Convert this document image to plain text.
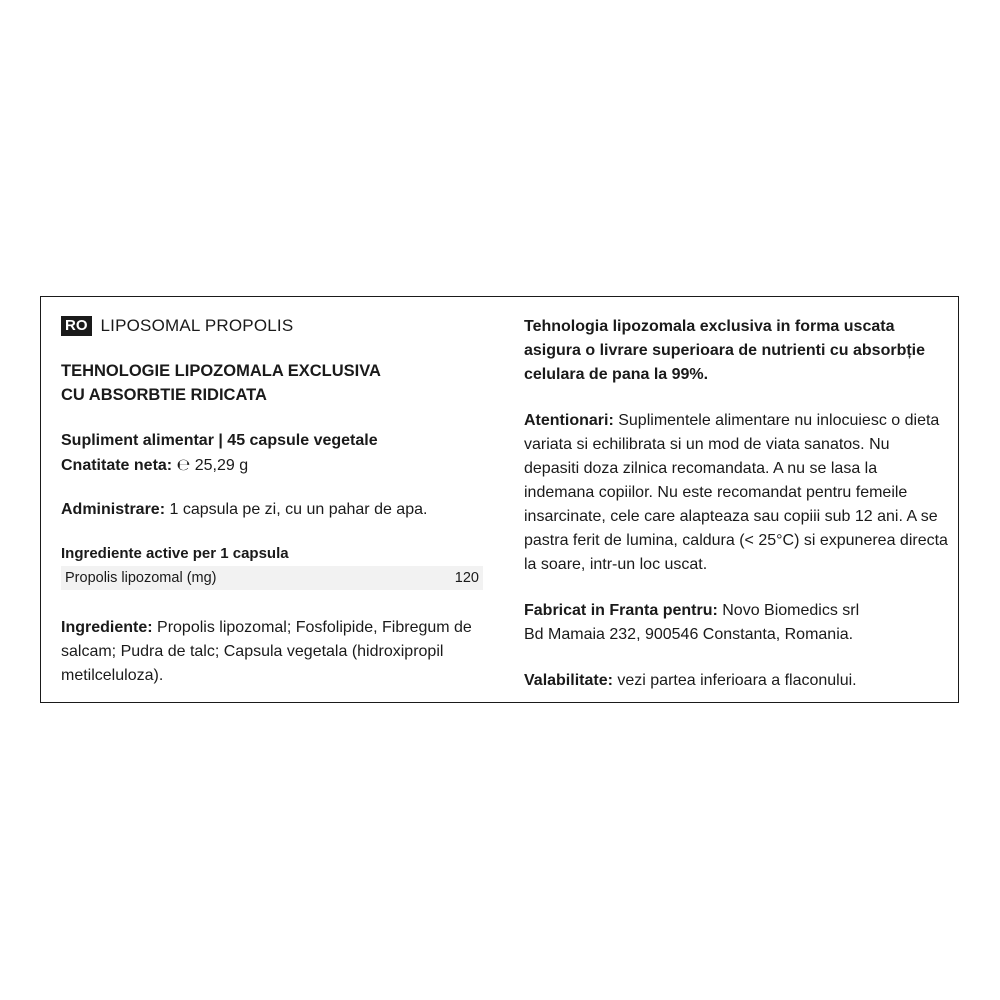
RO LIPOSOMAL PROPOLIS
TEHNOLOGIE LIPOZOMALA EXCLUSIVA
CU ABSORBTIE RIDICATA
Supliment alimentar | 45 capsule vegetale
Cnatitate neta: ℮ 25,29 g
Administrare: 1 capsula pe zi, cu un pahar de apa.
Ingrediente active per 1 capsula
Propolis lipozomal (mg)	120
Ingrediente: Propolis lipozomal; Fosfolipide, Fibregum de salcam; Pudra de talc; Capsula vegetala (hidroxipropil metilceluloza).
Tehnologia lipozomala exclusiva in forma uscata asigura o livrare superioara de nutrienti cu absorbție celulara de pana la 99%.
Atentionari: Suplimentele alimentare nu inlocuiesc o dieta variata si echilibrata si un mod de viata sanatos. Nu depasiti doza zilnica recomandata. A nu se lasa la indemana copiilor. Nu este recomandat pentru femeile insarcinate, cele care alapteaza sau copiii sub 12 ani. A se pastra ferit de lumina, caldura (< 25°C) si expunerea directa la soare, intr-un loc uscat.
Fabricat in Franta pentru: Novo Biomedics srl
Bd Mamaia 232, 900546 Constanta, Romania.
Valabilitate: vezi partea inferioara a flaconului.
